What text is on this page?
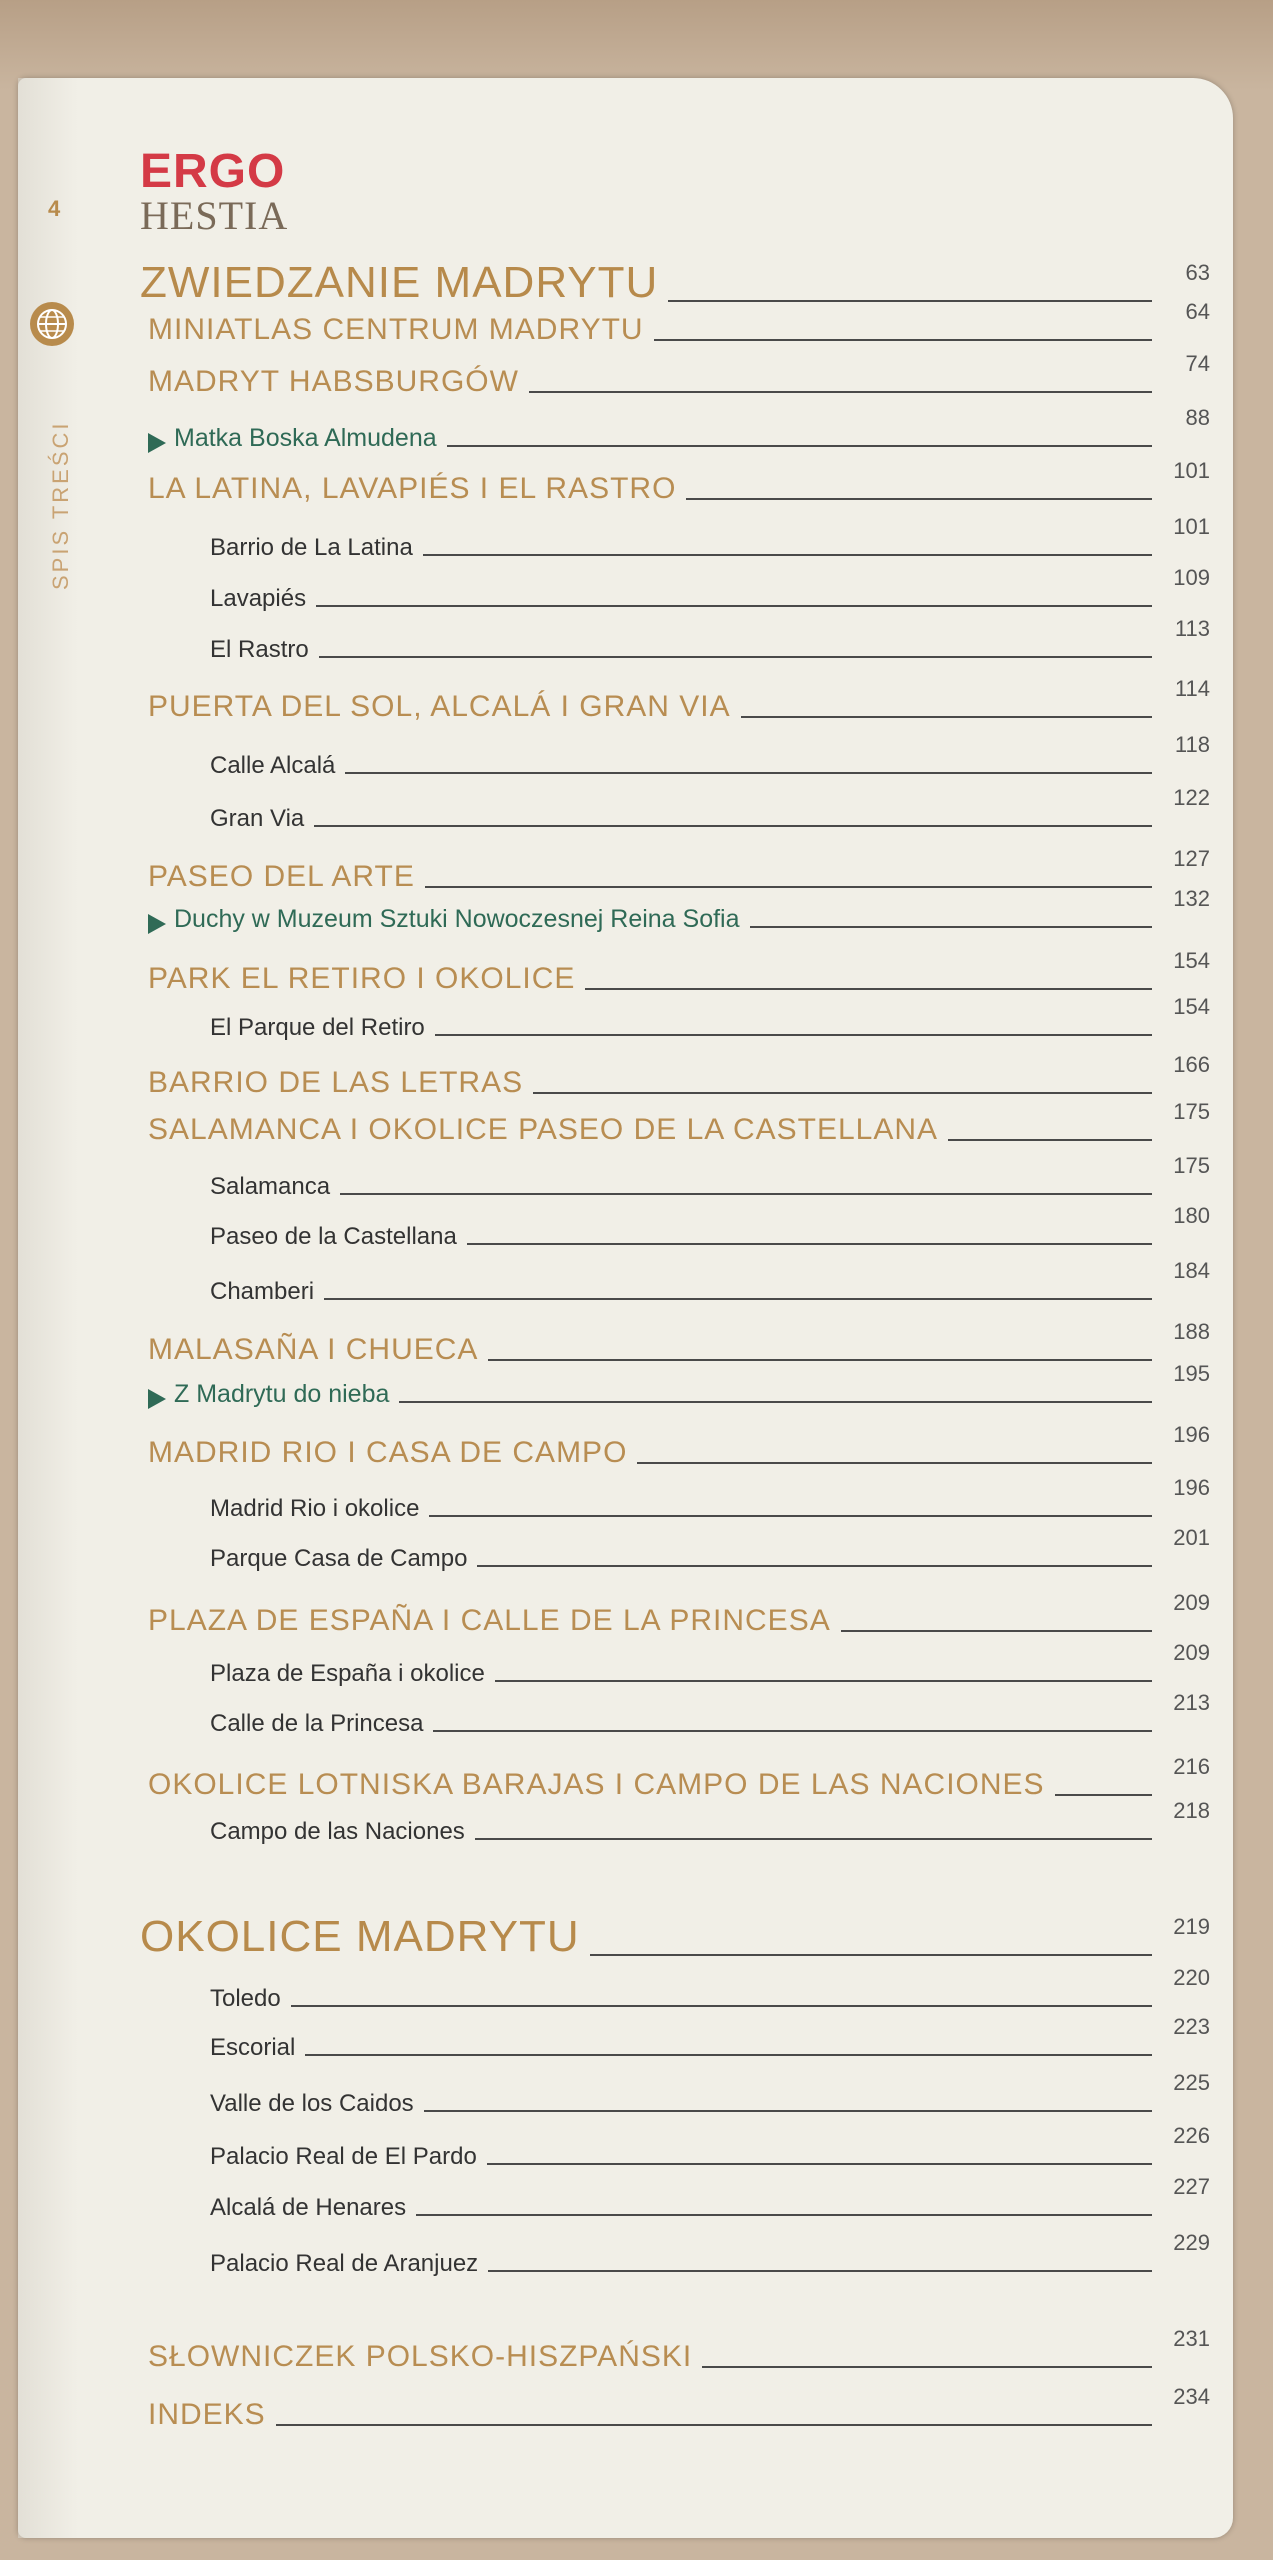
4
ERGO
HESTIA
SPIS TREŚCI
ZWIEDZANIE MADRYTU	63
MINIATLAS CENTRUM MADRYTU
64
MADRYT HABSBURGÓW
74
Matka Boska Almudena
88
LA LATINA, LAVAPIÉS I EL RASTRO
101
Barrio de La Latina
101
Lavapiés
109
El Rastro
113
PUERTA DEL SOL, ALCALÁ I GRAN VIA
114
Calle Alcalá
118
Gran Via
122
PASEO DEL ARTE
127
Duchy w Muzeum Sztuki Nowoczesnej Reina Sofia
132
PARK EL RETIRO I OKOLICE
154
El Parque del Retiro
154
BARRIO DE LAS LETRAS
166
SALAMANCA I OKOLICE PASEO DE LA CASTELLANA
175
Salamanca
175
Paseo de la Castellana
180
Chamberi
184
MALASAÑA I CHUECA
188
Z Madrytu do nieba
195
MADRID RIO I CASA DE CAMPO
196
Madrid Rio i okolice
196
Parque Casa de Campo
201
PLAZA DE ESPAÑA I CALLE DE LA PRINCESA
209
Plaza de España i okolice
209
Calle de la Princesa
213
OKOLICE LOTNISKA BARAJAS I CAMPO DE LAS NACIONES
216
Campo de las Naciones
218
OKOLICE MADRYTU	219
Toledo
220
Escorial
223
Valle de los Caidos
225
Palacio Real de El Pardo
226
Alcalá de Henares
227
Palacio Real de Aranjuez
229
SŁOWNICZEK POLSKO-HISZPAŃSKI
231
INDEKS
234
